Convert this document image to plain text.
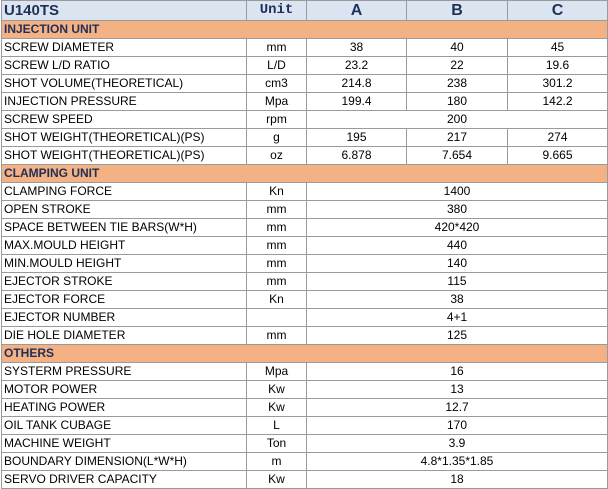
U140TS	Unit	A	B	C
INJECTION UNIT				
SCREW DIAMETER	mm	38	40	45
SCREW L/D RATIO	L/D	23.2	22	19.6
SHOT VOLUME(THEORETICAL)	cm3	214.8	238	301.2
INJECTION PRESSURE	Mpa	199.4	180	142.2
SCREW SPEED	rpm	200		
SHOT WEIGHT(THEORETICAL)(PS)	g	195	217	274
SHOT WEIGHT(THEORETICAL)(PS)	oz	6.878	7.654	9.665
CLAMPING UNIT				
CLAMPING FORCE	Kn	1400		
OPEN STROKE	mm	380		
SPACE BETWEEN TIE BARS(W*H)	mm	420*420		
MAX.MOULD HEIGHT	mm	440		
MIN.MOULD HEIGHT	mm	140		
EJECTOR STROKE	mm	115		
EJECTOR FORCE	Kn	38		
EJECTOR NUMBER		4+1		
DIE HOLE DIAMETER	mm	125		
OTHERS				
SYSTERM PRESSURE	Mpa	16		
MOTOR POWER	Kw	13		
HEATING POWER	Kw	12.7		
OIL TANK CUBAGE	L	170		
MACHINE WEIGHT	Ton	3.9		
BOUNDARY DIMENSION(L*W*H)	m	4.8*1.35*1.85		
SERVO DRIVER CAPACITY	Kw	18		
